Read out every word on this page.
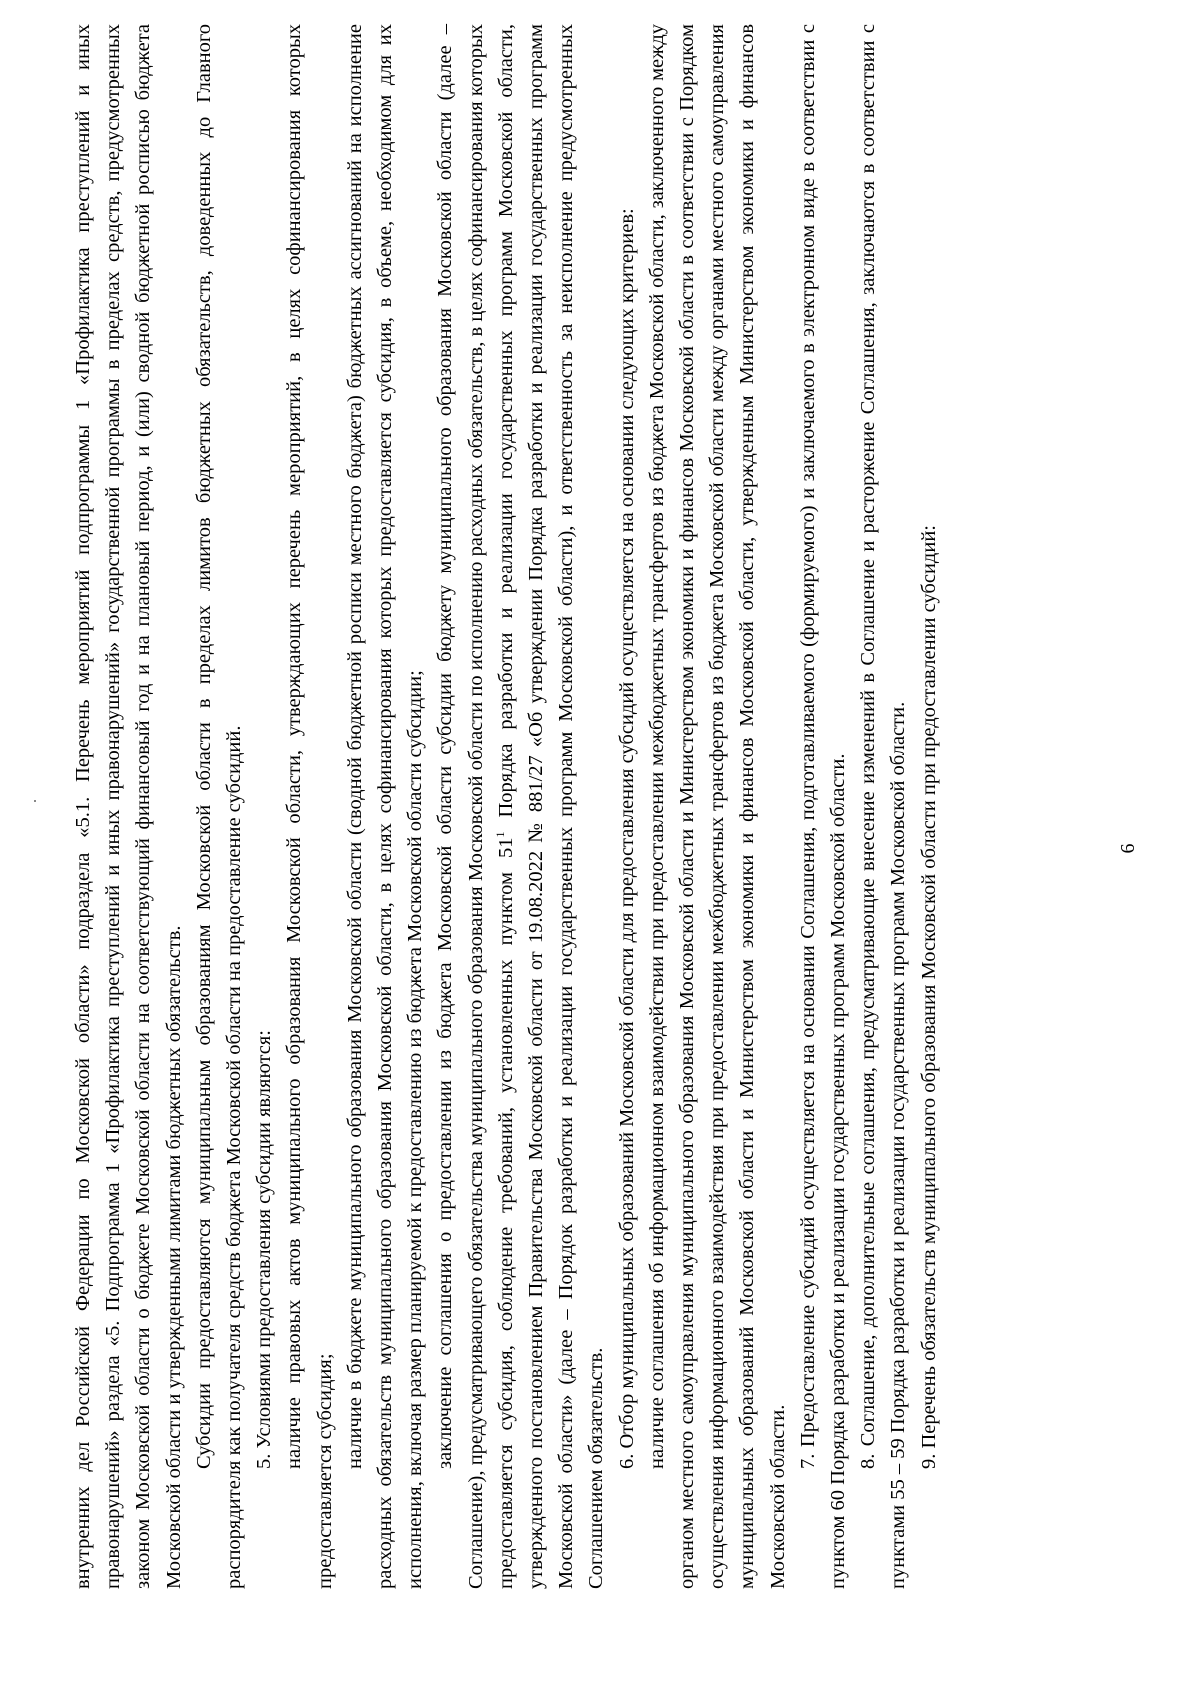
6

внутренних дел Российской Федерации по Московской области» подраздела «5.1. Перечень мероприятий подпрограммы 1 «Профилактика преступлений и иных правонарушений» раздела «5. Подпрограмма 1 «Профилактика преступлений и иных правонарушений» государственной программы в пределах средств, предусмотренных законом Московской области о бюджете Московской области на соответствующий финансовый год и на плановый период, и (или) сводной бюджетной росписью бюджета Московской области и утвержденными лимитами бюджетных обязательств. Субсидии предоставляются муниципальным образованиям Московской области в пределах лимитов бюджетных обязательств, доведенных до Главного распорядителя как получателя средств бюджета Московской области на предоставление субсидий. 5. Условиями предоставления субсидии являются: наличие правовых актов муниципального образования Московской области, утверждающих перечень мероприятий, в целях софинансирования которых предоставляется субсидия;

наличие в бюджете муниципального образования Московской области (сводной бюджетной росписи местного бюджета) бюджетных ассигнований на исполнение расходных обязательств муниципального образования Московской области, в целях софинансирования которых предоставляется субсидия, в объеме, необходимом для их исполнения, включая размер планируемой к предоставлению из бюджета Московской области субсидии; заключение соглашения о предоставлении из бюджета Московской области субсидии бюджету муниципального образования Московской области (далее – Соглашение), предусматривающего обязательства муниципального образования Московской области по исполнению расходных обязательств, в целях софинансирования которых предоставляется субсидия, соблюдение требований, установленных пунктом $51^1$ Порядка разработки и реализации государственных программ Московской области, утвержденного постановлением Правительства Московской области от 19.08.2022 № 881/27 «Об утверждении Порядка разработки и реализации государственных программ Московской области» (далее – Порядок разработки и реализации государственных программ Московской области), и ответственность за неисполнение предусмотренных Соглашением обязательств. 6. Отбор муниципальных образований Московской области для предоставления субсидий осуществляется на основании следующих критериев: наличие соглашения об информационном взаимодействии при предоставлении межбюджетных трансфертов из бюджета Московской области, заключенного между органом местного самоуправления муниципального образования Московской области и Министерством экономики и финансов Московской области в соответствии с Порядком осуществления информационного взаимодействия при предоставлении межбюджетных трансфертов из бюджета Московской области между органами местного самоуправления муниципальных образований Московской области и Министерством экономики и финансов Московской области, утвержденным Министерством экономики и финансов Московской области.

7. Предоставление субсидий осуществляется на основании Соглашения, подготавливаемого (формируемого) и заключаемого в электронном виде в соответствии с пунктом 60 Порядка разработки и реализации государственных программ Московской области. 8. Соглашение, дополнительные соглашения, предусматривающие внесение изменений в Соглашение и расторжение Соглашения, заключаются в соответствии с пунктами 55 – 59 Порядка разработки и реализации государственных программ Московской области. 9. Перечень обязательств муниципального образования Московской области при предоставлении субсидий:
